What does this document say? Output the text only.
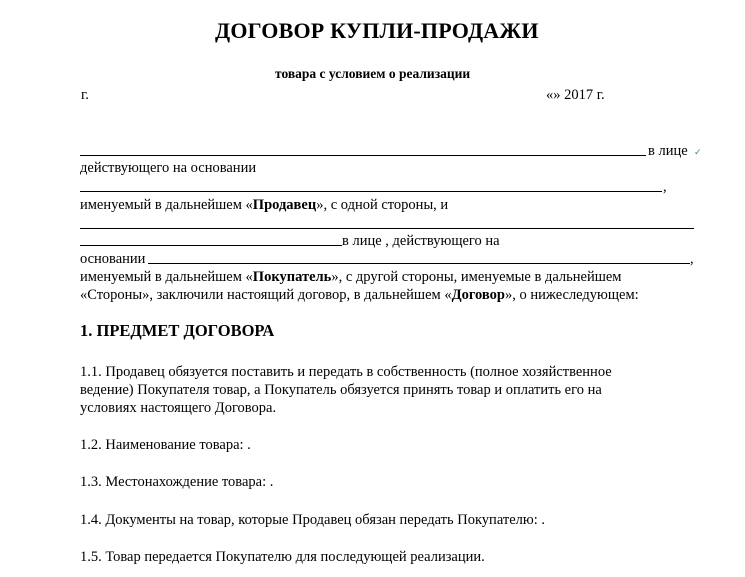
ДОГОВОР КУПЛИ-ПРОДАЖИ
товара с условием о реализации
г.	«» 2017 г.
в лице ✓
действующего на основании
,
именуемый в дальнейшем «Продавец», с одной стороны, и
в лице , действующего на
основании	,
именуемый в дальнейшем «Покупатель», с другой стороны, именуемые в дальнейшем
«Стороны», заключили настоящий договор, в дальнейшем «Договор», о нижеследующем:
1. ПРЕДМЕТ ДОГОВОРА
1.1. Продавец обязуется поставить и передать в собственность (полное хозяйственное
ведение) Покупателя товар, а Покупатель обязуется принять товар и оплатить его на
условиях настоящего Договора.
1.2. Наименование товара: .
1.3. Местонахождение товара: .
1.4. Документы на товар, которые Продавец обязан передать Покупателю: .
1.5. Товар передается Покупателю для последующей реализации.
